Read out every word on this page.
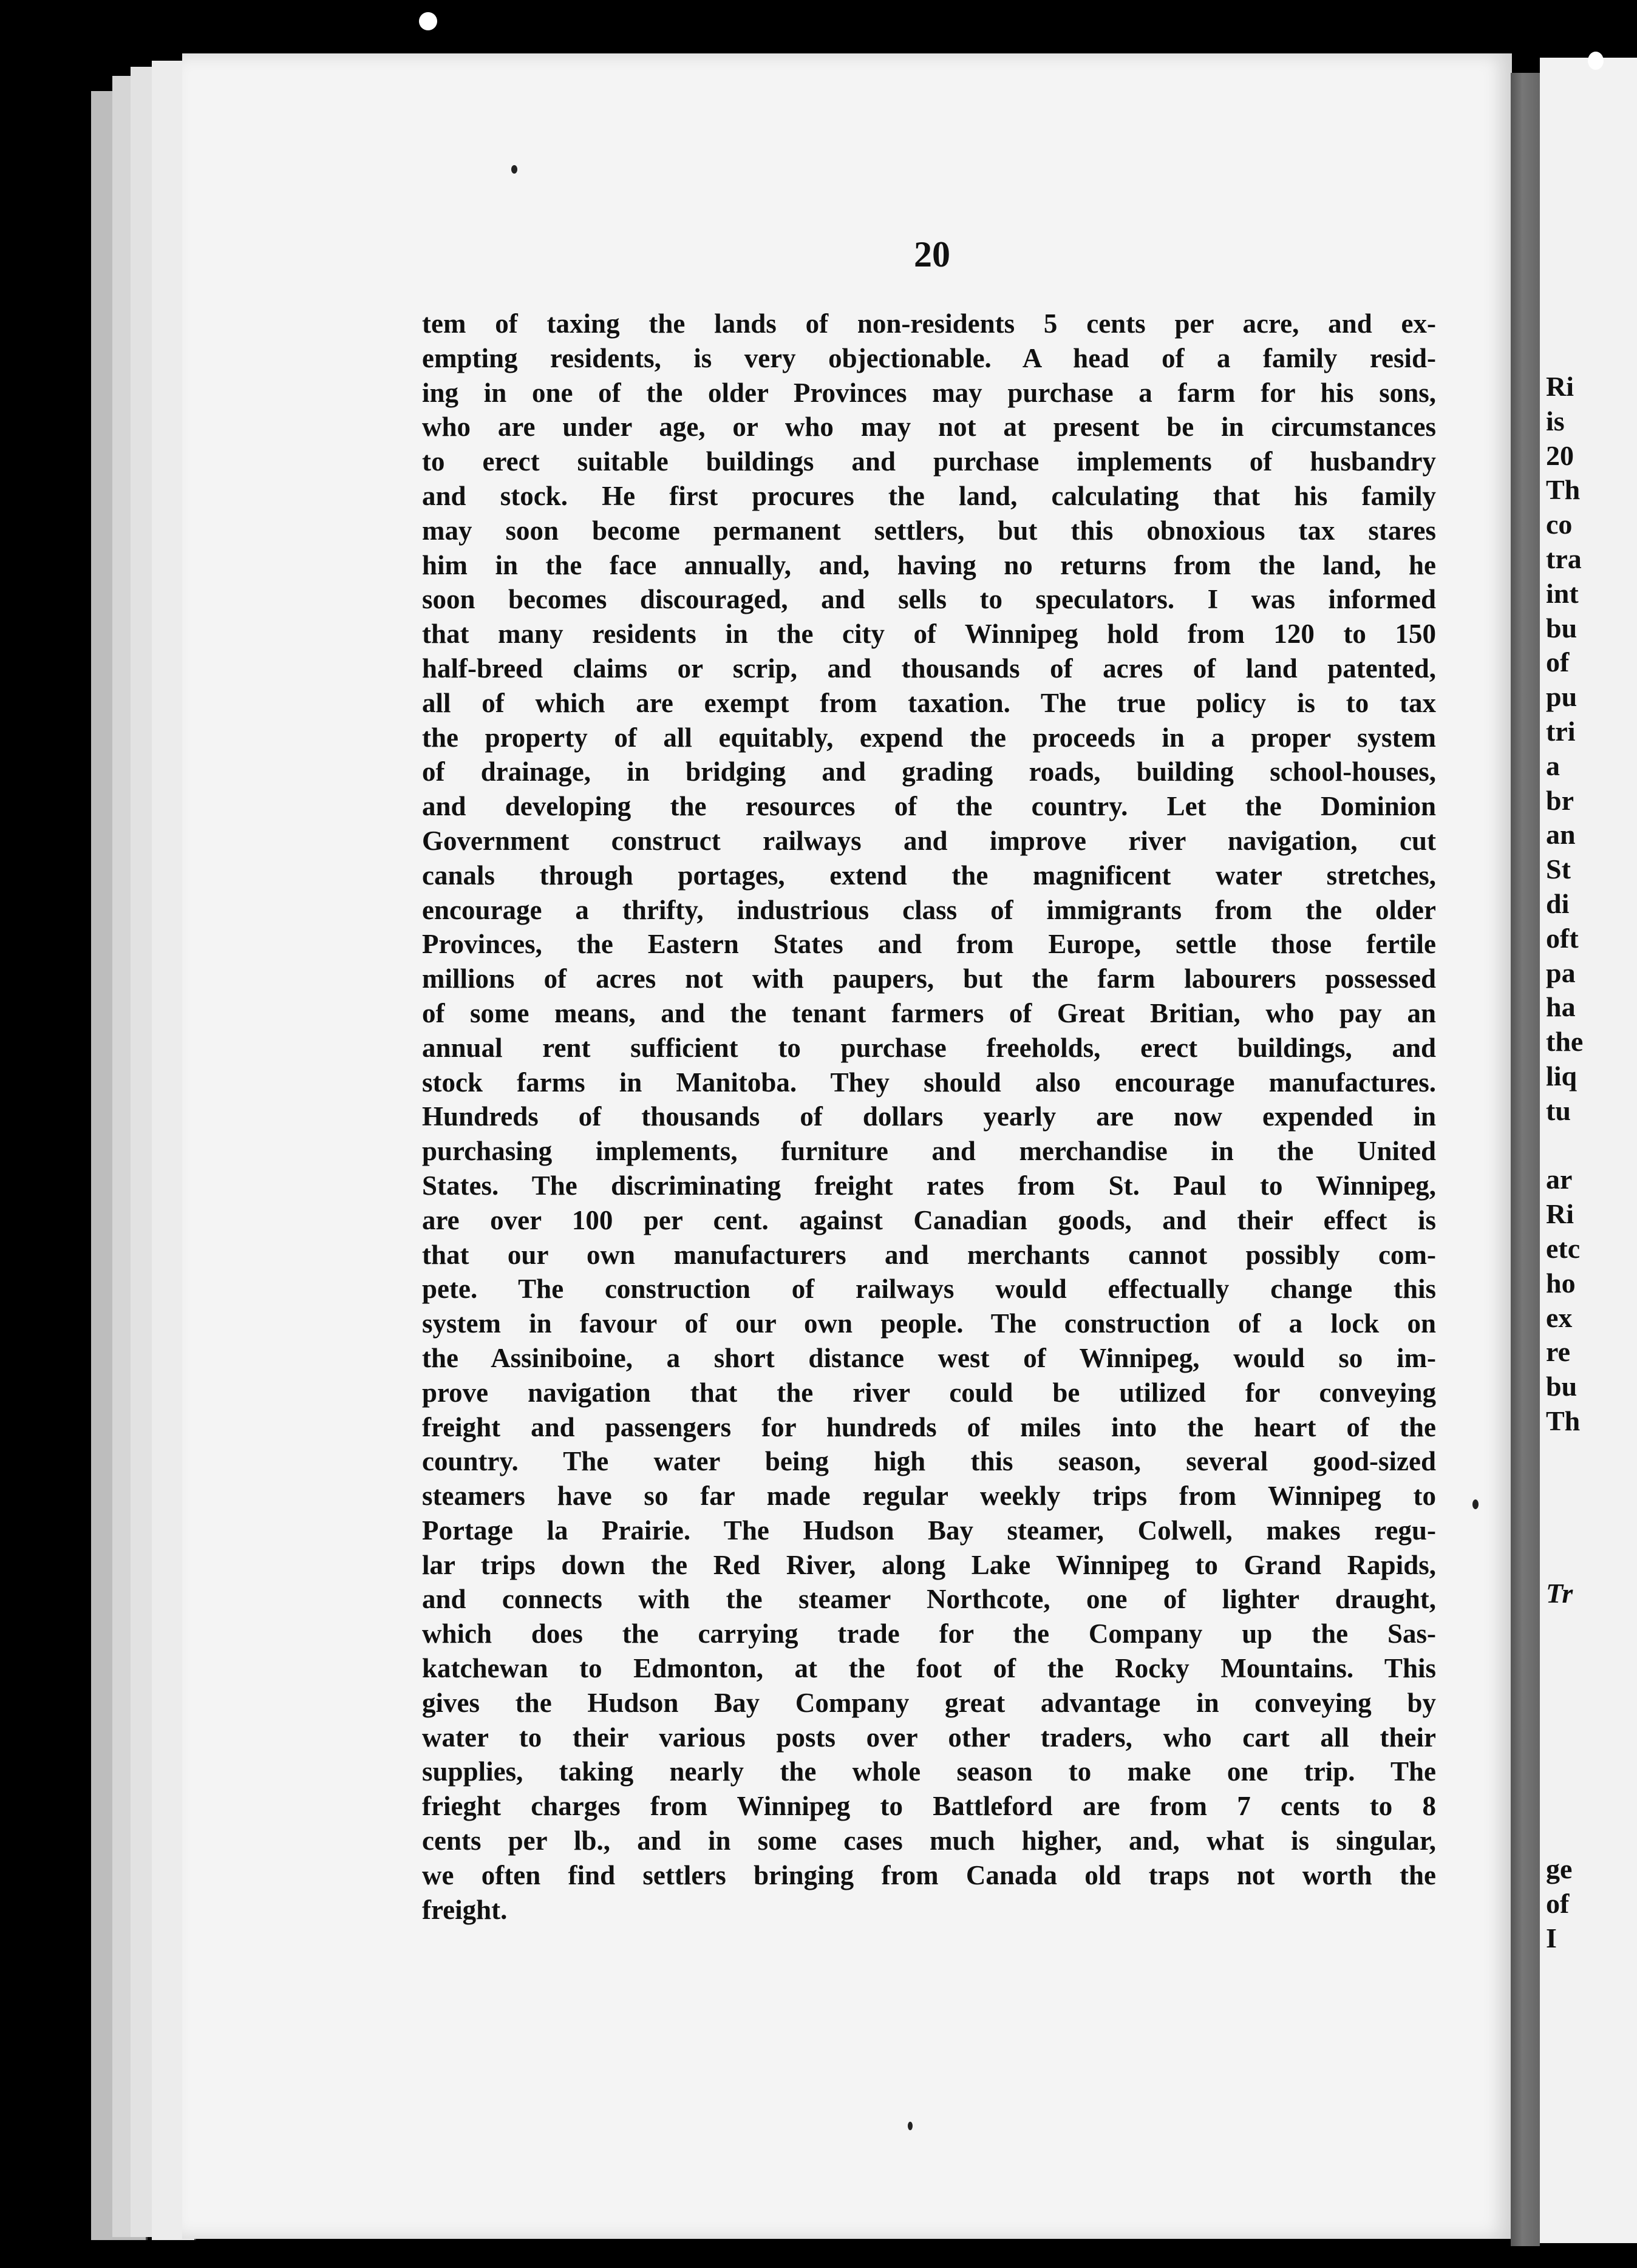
20
tem of taxing the lands of non-residents 5 cents per acre, and ex-
empting residents, is very objectionable. A head of a family resid-
ing in one of the older Provinces may purchase a farm for his sons,
who are under age, or who may not at present be in circumstances
to erect suitable buildings and purchase implements of husbandry
and stock. He first procures the land, calculating that his family
may soon become permanent settlers, but this obnoxious tax stares
him in the face annually, and, having no returns from the land, he
soon becomes discouraged, and sells to speculators. I was informed
that many residents in the city of Winnipeg hold from 120 to 150
half-breed claims or scrip, and thousands of acres of land patented,
all of which are exempt from taxation. The true policy is to tax
the property of all equitably, expend the proceeds in a proper system
of drainage, in bridging and grading roads, building school-houses,
and developing the resources of the country. Let the Dominion
Government construct railways and improve river navigation, cut
canals through portages, extend the magnificent water stretches,
encourage a thrifty, industrious class of immigrants from the older
Provinces, the Eastern States and from Europe, settle those fertile
millions of acres not with paupers, but the farm labourers possessed
of some means, and the tenant farmers of Great Britian, who pay an
annual rent sufficient to purchase freeholds, erect buildings, and
stock farms in Manitoba. They should also encourage manufactures.
Hundreds of thousands of dollars yearly are now expended in
purchasing implements, furniture and merchandise in the United
States. The discriminating freight rates from St. Paul to Winnipeg,
are over 100 per cent. against Canadian goods, and their effect is
that our own manufacturers and merchants cannot possibly com-
pete. The construction of railways would effectually change this
system in favour of our own people. The construction of a lock on
the Assiniboine, a short distance west of Winnipeg, would so im-
prove navigation that the river could be utilized for conveying
freight and passengers for hundreds of miles into the heart of the
country. The water being high this season, several good-sized
steamers have so far made regular weekly trips from Winnipeg to
Portage la Prairie. The Hudson Bay steamer, Colwell, makes regu-
lar trips down the Red River, along Lake Winnipeg to Grand Rapids,
and connects with the steamer Northcote, one of lighter draught,
which does the carrying trade for the Company up the Sas-
katchewan to Edmonton, at the foot of the Rocky Mountains. This
gives the Hudson Bay Company great advantage in conveying by
water to their various posts over other traders, who cart all their
supplies, taking nearly the whole season to make one trip. The
frieght charges from Winnipeg to Battleford are from 7 cents to 8
cents per lb., and in some cases much higher, and, what is singular,
we often find settlers bringing from Canada old traps not worth the
freight.
Ri
is
20
Th
co
tra
int
bu
of
pu
tri
a
br
an
St
di
oft
pa
ha
the
liq
tu
ar
Ri
etc
ho
ex
re
bu
Th
Tr
ge
of
I
